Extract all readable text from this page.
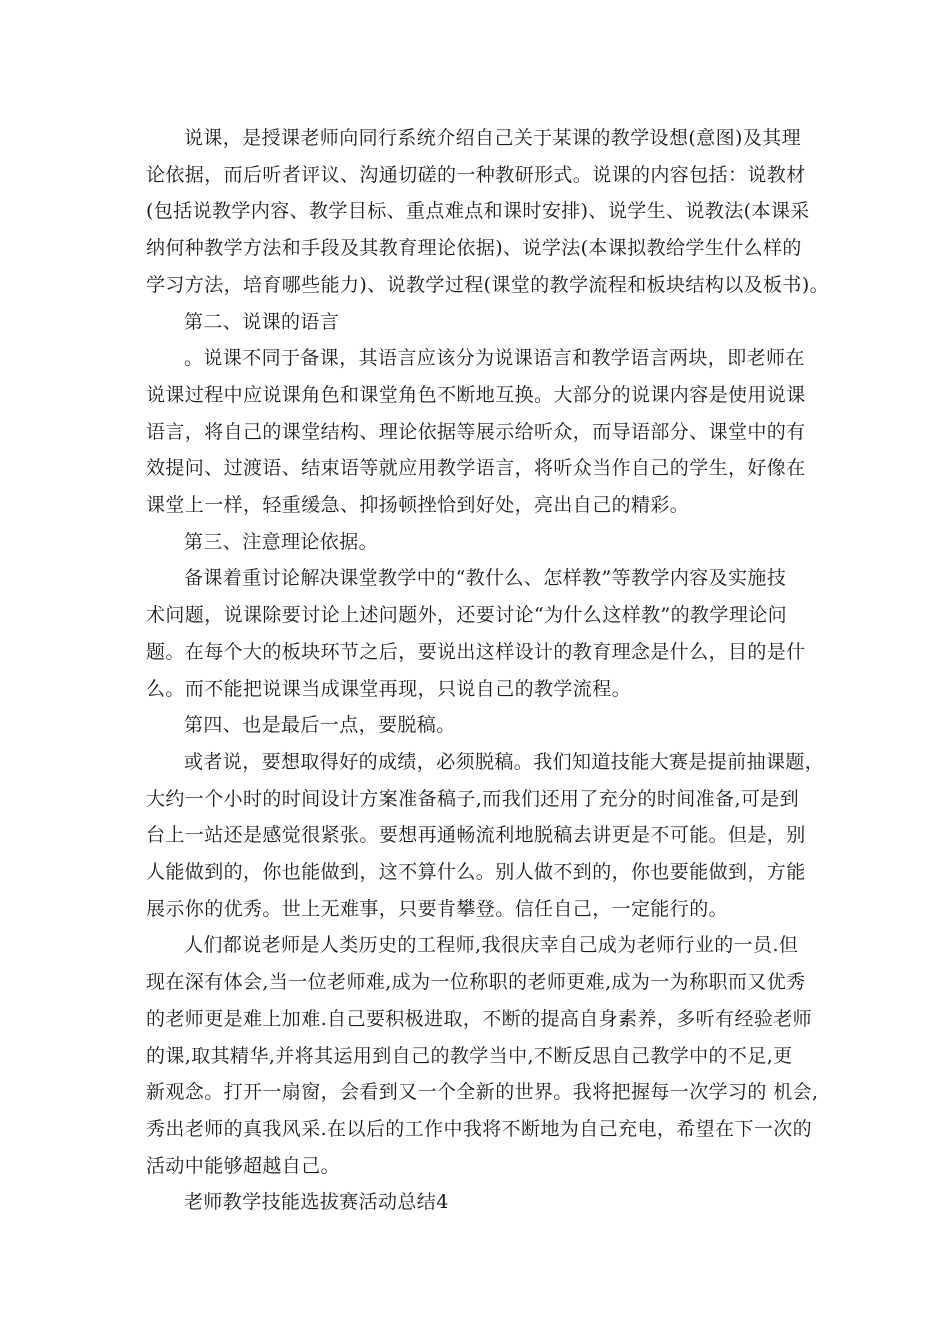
说课，是授课老师向同行系统介绍自己关于某课的教学设想(意图)及其理
论依据，而后听者评议、沟通切磋的一种教研形式。说课的内容包括：说教材
(包括说教学内容、教学目标、重点难点和课时安排)、说学生、说教法(本课采
纳何种教学方法和手段及其教育理论依据)、说学法(本课拟教给学生什么样的
学习方法，培育哪些能力)、说教学过程(课堂的教学流程和板块结构以及板书)。
第二、说课的语言
。说课不同于备课，其语言应该分为说课语言和教学语言两块，即老师在
说课过程中应说课角色和课堂角色不断地互换。大部分的说课内容是使用说课
语言，将自己的课堂结构、理论依据等展示给听众，而导语部分、课堂中的有
效提问、过渡语、结束语等就应用教学语言，将听众当作自己的学生，好像在
课堂上一样，轻重缓急、抑扬顿挫恰到好处，亮出自己的精彩。
第三、注意理论依据。
备课着重讨论解决课堂教学中的“教什么、怎样教”等教学内容及实施技
术问题，说课除要讨论上述问题外，还要讨论“为什么这样教”的教学理论问
题。在每个大的板块环节之后，要说出这样设计的教育理念是什么，目的是什
么。而不能把说课当成课堂再现，只说自己的教学流程。
第四、也是最后一点，要脱稿。
或者说，要想取得好的成绩，必须脱稿。我们知道技能大赛是提前抽课题，
大约一个小时的时间设计方案准备稿子,而我们还用了充分的时间准备,可是到
台上一站还是感觉很紧张。要想再通畅流利地脱稿去讲更是不可能。但是，别
人能做到的，你也能做到，这不算什么。别人做不到的，你也要能做到，方能
展示你的优秀。世上无难事，只要肯攀登。信任自己，一定能行的。
人们都说老师是人类历史的工程师,我很庆幸自己成为老师行业的一员.但
现在深有体会,当一位老师难,成为一位称职的老师更难,成为一为称职而又优秀
的老师更是难上加难.自己要积极进取，不断的提高自身素养，多听有经验老师
的课,取其精华,并将其运用到自己的教学当中,不断反思自己教学中的不足,更
新观念。打开一扇窗，会看到又一个全新的世界。我将把握每一次学习的 机会,
秀出老师的真我风采.在以后的工作中我将不断地为自己充电，希望在下一次的
活动中能够超越自己。
老师教学技能选拔赛活动总结4
